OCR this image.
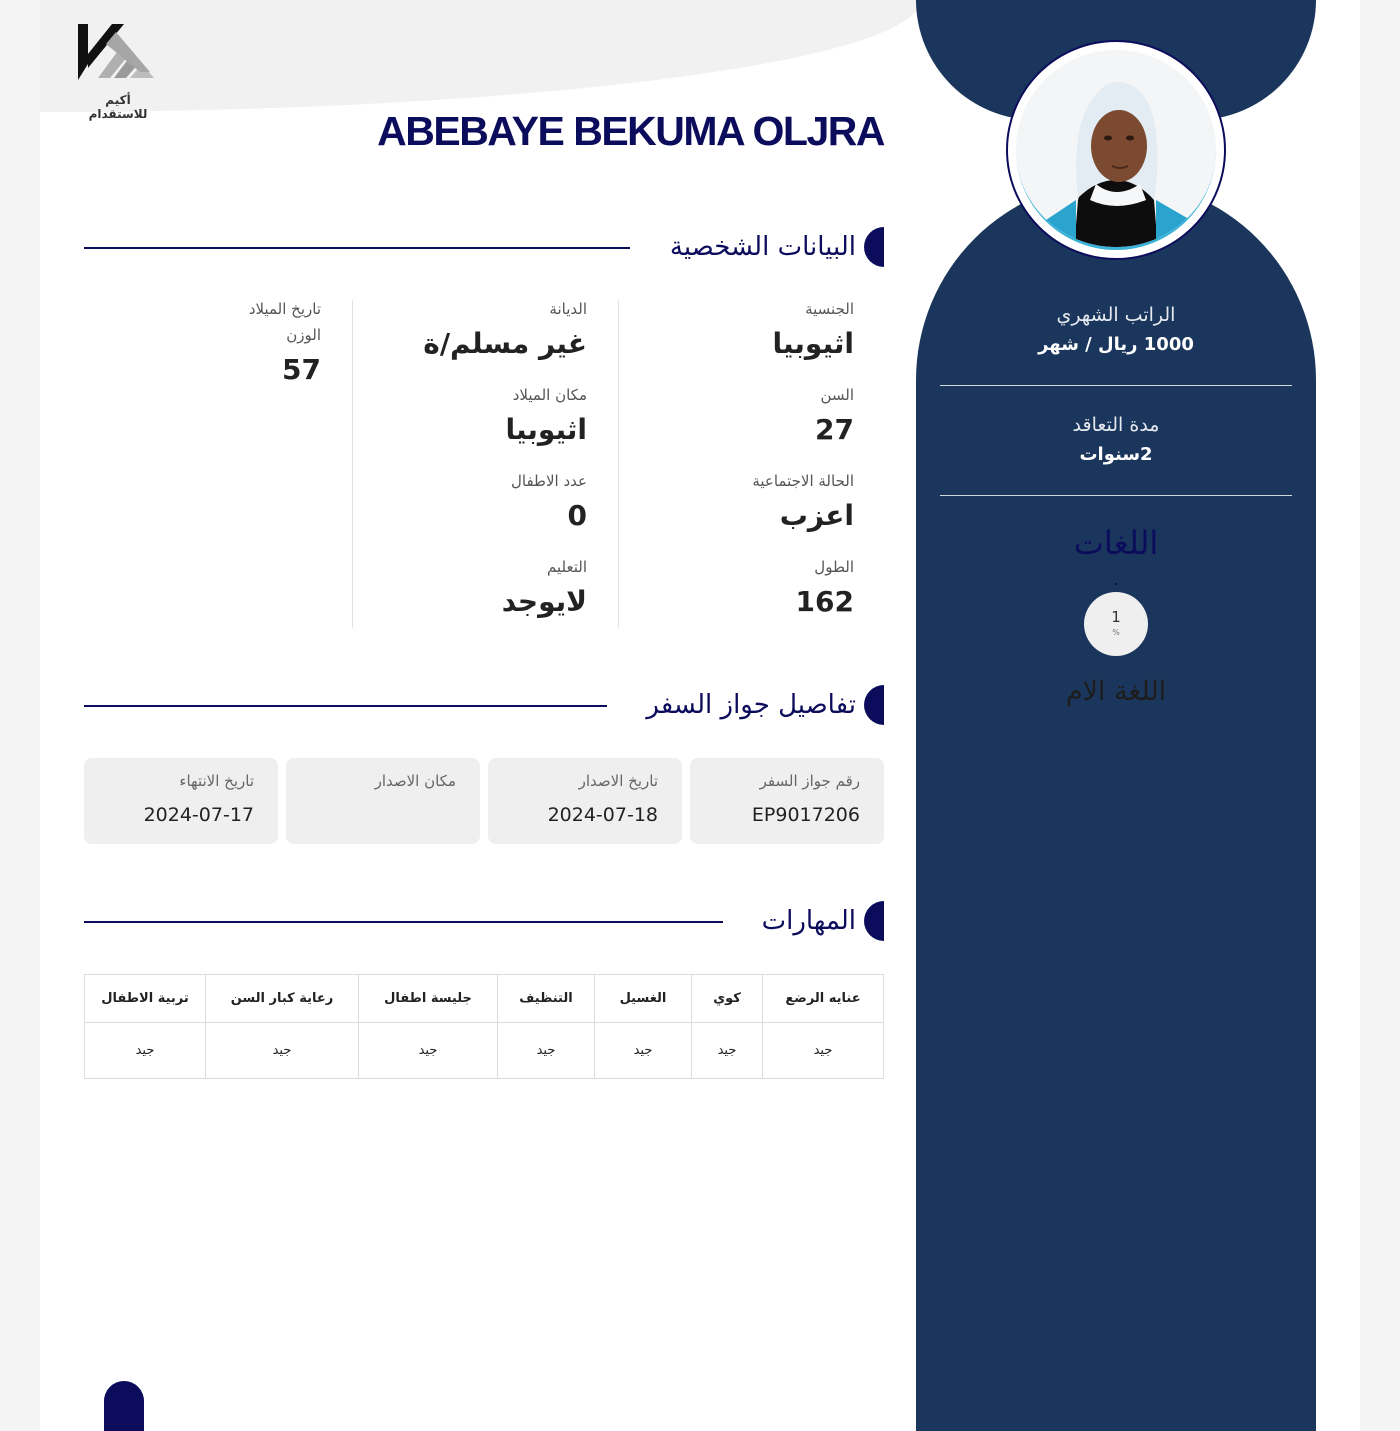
أكيم للاستقدام	ABEBAYE BEKUMA OLJRA
البيانات الشخصية
الجنسية
اثيوبيا
السن
27
الحالة الاجتماعية
اعزب
الطول
162
الديانة
غير مسلم/ة
مكان الميلاد
اثيوبيا
عدد الاطفال
0
التعليم
لايوجد
تاريخ الميلاد
الوزن
57
تفاصيل جواز السفر
رقم جواز السفر
EP9017206
تاريخ الاصدار
2024-07-18
مكان الاصدار
تاريخ الانتهاء
2024-07-17
المهارات
عنايه الرضع	كوي	الغسيل	التنظيف	جليسة اطفال	رعاية كبار السن	تربية الاطفال
جيد	جيد	جيد	جيد	جيد	جيد	جيد
الراتب الشهري
1000 ريال / شهر
مدة التعاقد
2سنوات
اللغات
1
%
اللغة الام
